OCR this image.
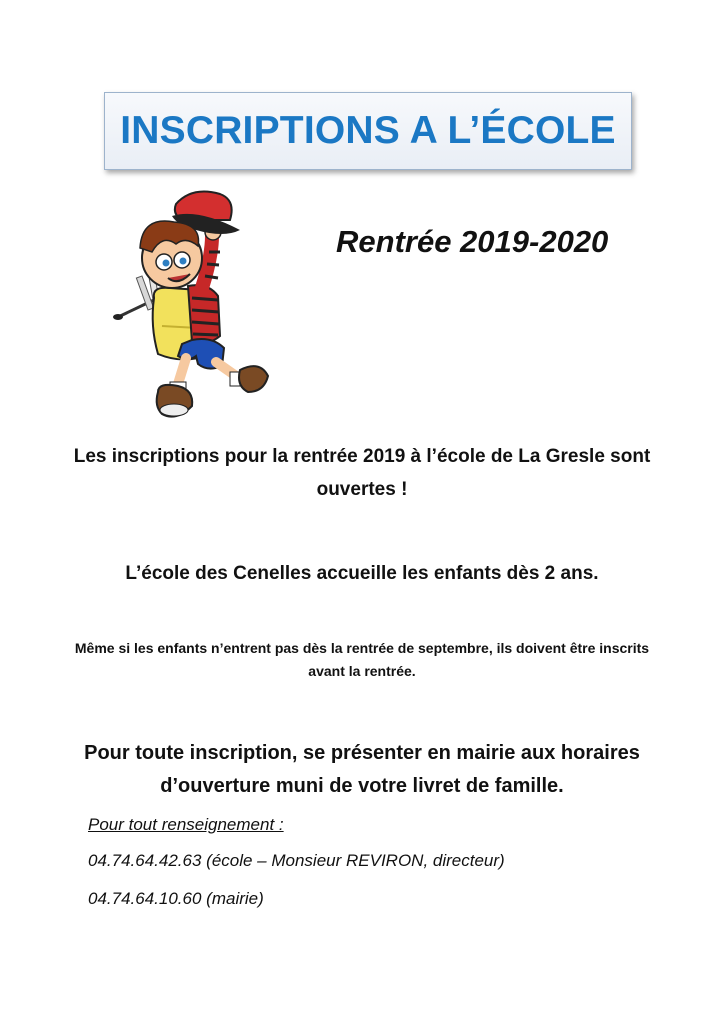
INSCRIPTIONS A L’ÉCOLE
Rentrée 2019-2020
Les inscriptions pour la rentrée 2019 à l’école de La Gresle sont ouvertes !
L’école des Cenelles accueille les enfants dès 2 ans.
Même si les enfants n’entrent pas dès la rentrée de septembre, ils doivent être inscrits avant la rentrée.
Pour toute inscription, se présenter en mairie aux horaires d’ouverture muni de votre livret de famille.
Pour tout renseignement :
04.74.64.42.63 (école – Monsieur REVIRON, directeur)
04.74.64.10.60 (mairie)
